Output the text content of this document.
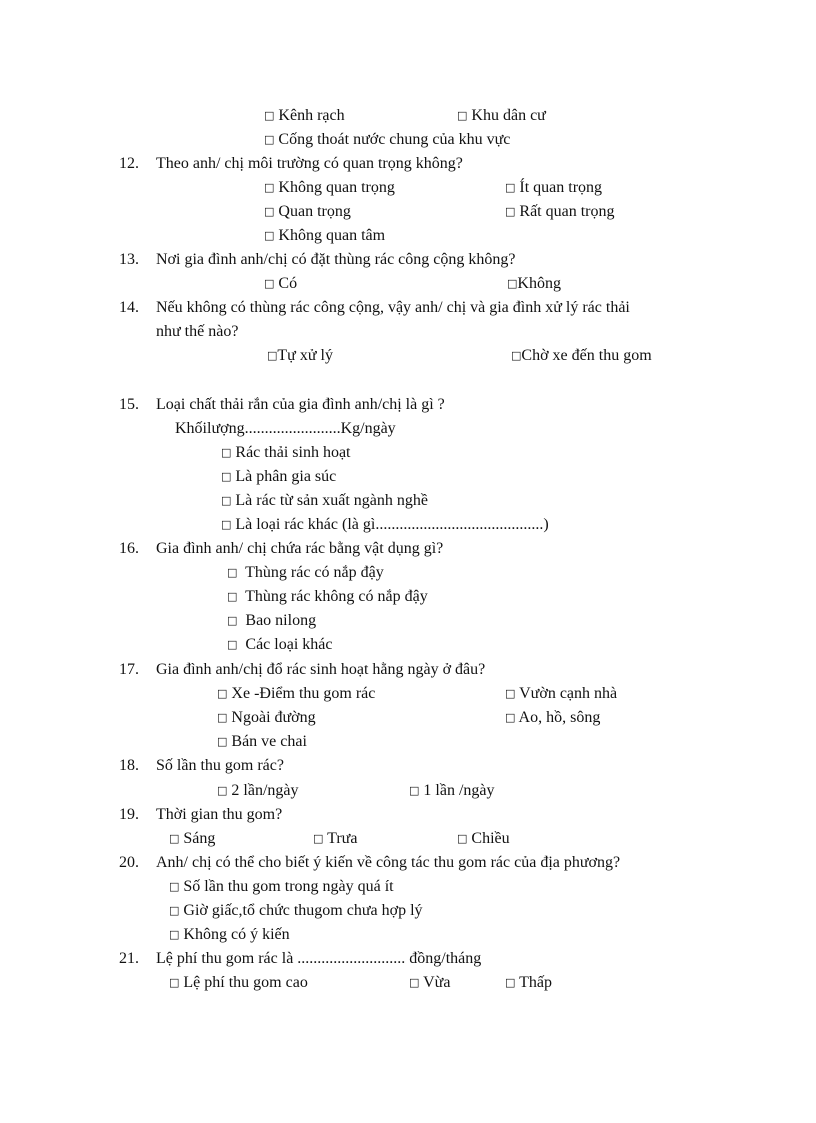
□ Kênh rạch	□ Khu dân cư
□ Cống thoát nước chung của khu vực
12. Theo anh/ chị môi trường có quan trọng không?
□ Không quan trọng	□ Ít quan trọng
□ Quan trọng	□ Rất quan trọng
□ Không quan tâm
13. Nơi gia đình anh/chị có đặt thùng rác công cộng không?
□ Có	□Không
14. Nếu không có thùng rác công cộng, vậy anh/ chị và gia đình xử lý rác thải
như thế nào?
□Tự xử lý	□Chờ xe đến thu gom
15. Loại chất thải rắn của gia đình anh/chị là gì ?
Khốilượng........................Kg/ngày
□ Rác thải sinh hoạt
□ Là phân gia súc
□ Là rác từ sản xuất ngành nghề
□ Là loại rác khác (là gì..........................................)
16. Gia đình anh/ chị chứa rác bằng vật dụng gì?
□ Thùng rác có nắp đậy
□ Thùng rác không có nắp đậy
□ Bao nilong
□ Các loại khác
17. Gia đình anh/chị đổ rác sinh hoạt hằng ngày ở đâu?
□ Xe -Điểm thu gom rác	□ Vườn cạnh nhà
□ Ngoài đường	□ Ao, hồ, sông
□ Bán ve chai
18. Số lần thu gom rác?
□ 2 lần/ngày	□ 1 lần /ngày
19. Thời gian thu gom?
□ Sáng	□ Trưa	□ Chiều
20. Anh/ chị có thể cho biết ý kiến về công tác thu gom rác của địa phương?
□ Số lần thu gom trong ngày quá ít
□ Giờ giấc,tổ chức thugom chưa hợp lý
□ Không có ý kiến
21. Lệ phí thu gom rác là ........................... đồng/tháng
□ Lệ phí thu gom cao	□ Vừa	□ Thấp
